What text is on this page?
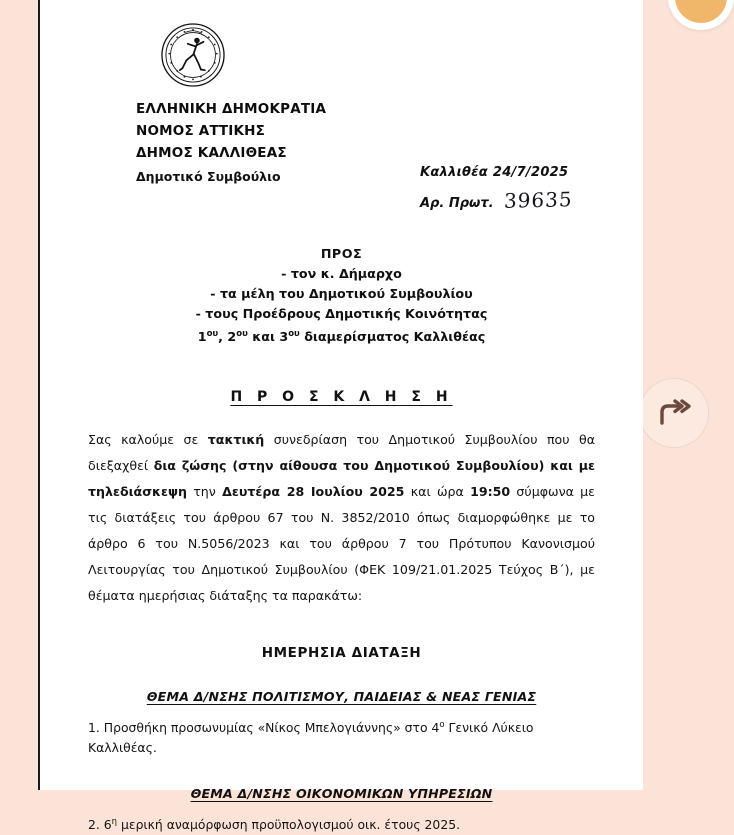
ΕΛΛΗΝΙΚΗ ΔΗΜΟΚΡΑΤΙΑ
ΝΟΜΟΣ ΑΤΤΙΚΗΣ
ΔΗΜΟΣ ΚΑΛΛΙΘΕΑΣ
Δημοτικό Συμβούλιο	Καλλιθέα 24/7/2025
Αρ. Πρωτ. 39635
ΠΡΟΣ
- τον κ. Δήμαρχο
- τα μέλη του Δημοτικού Συμβουλίου
- τους Προέδρους Δημοτικής Κοινότητας
$1^{o\upsilon}$, $2^{o\upsilon}$ και $3^{o\upsilon}$ διαμερίσματος Καλλιθέας
Π Ρ Ο Σ Κ Λ Η Σ Η
Σας καλούμε σε τακτική συνεδρίαση του Δημοτικού Συμβουλίου που θα διεξαχθεί δια ζώσης (στην αίθουσα του Δημοτικού Συμβουλίου) και με τηλεδιάσκεψη την Δευτέρα 28 Ιουλίου 2025 και ώρα 19:50 σύμφωνα με τις διατάξεις του άρθρου 67 του Ν. 3852/2010 όπως διαμορφώθηκε με το άρθρο 6 του Ν.5056/2023 και του άρθρου 7 του Πρότυπου Κανονισμού Λειτουργίας του Δημοτικού Συμβουλίου (ΦΕΚ 109/21.01.2025 Τεύχος Β΄), με θέματα ημερήσιας διάταξης τα παρακάτω:
ΗΜΕΡΗΣΙΑ ΔΙΑΤΑΞΗ
ΘΕΜΑ Δ/ΝΣΗΣ ΠΟΛΙΤΙΣΜΟΥ, ΠΑΙΔΕΙΑΣ & ΝΕΑΣ ΓΕΝΙΑΣ
1. Προσθήκη προσωνυμίας «Νίκος Μπελογιάννης» στο $4^o$ Γενικό Λύκειο Καλλιθέας.
ΘΕΜΑ Δ/ΝΣΗΣ ΟΙΚΟΝΟΜΙΚΩΝ ΥΠΗΡΕΣΙΩΝ
2. $6^\eta$ μερική αναμόρφωση προϋπολογισμού οικ. έτους 2025.
